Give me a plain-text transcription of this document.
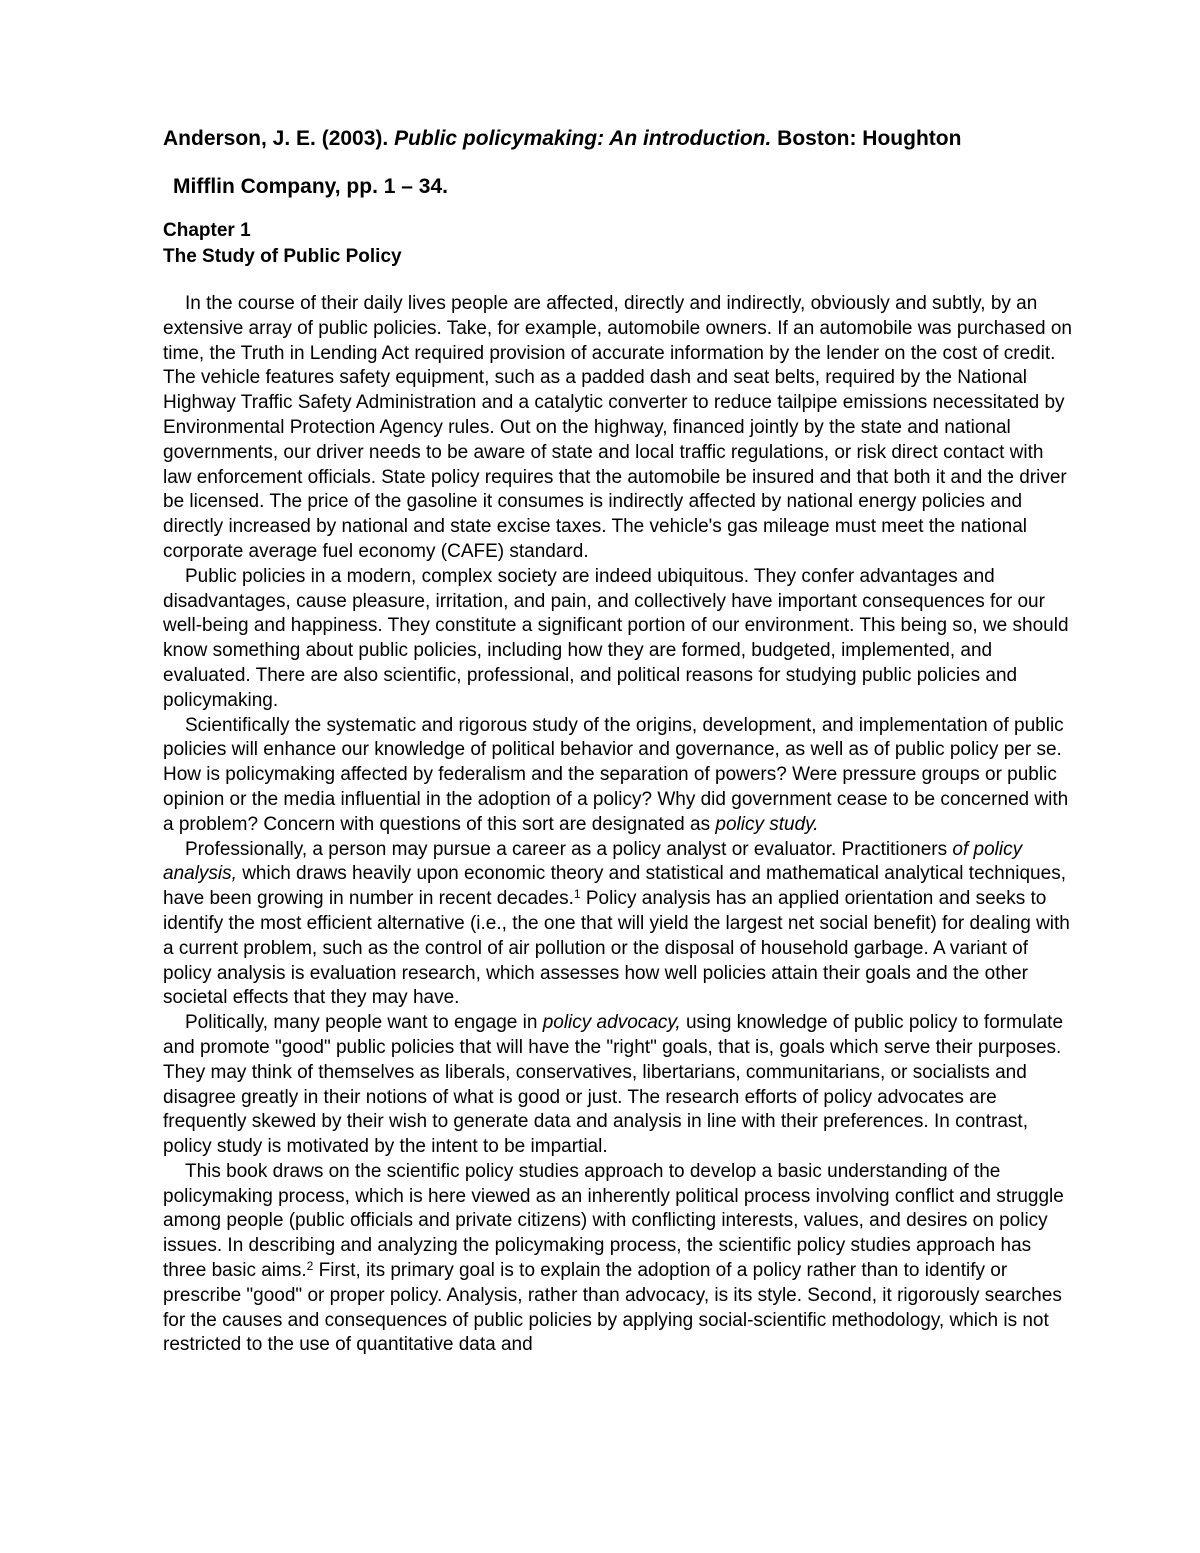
Anderson, J. E. (2003). Public policymaking: An introduction. Boston: Houghton
Mifflin Company, pp. 1 – 34.

Chapter 1
The Study of Public Policy

In the course of their daily lives people are affected, directly and indirectly, obviously and subtly, by an extensive array of public policies. Take, for example, automobile owners. If an automobile was purchased on time, the Truth in Lending Act required provision of accurate information by the lender on the cost of credit. The vehicle features safety equipment, such as a padded dash and seat belts, required by the National Highway Traffic Safety Administration and a catalytic converter to reduce tailpipe emissions necessitated by Environmental Protection Agency rules. Out on the highway, financed jointly by the state and national governments, our driver needs to be aware of state and local traffic regulations, or risk direct contact with law enforcement officials. State policy requires that the automobile be insured and that both it and the driver be licensed. The price of the gasoline it consumes is indirectly affected by national energy policies and directly increased by national and state excise taxes. The vehicle's gas mileage must meet the national corporate average fuel economy (CAFE) standard.

Public policies in a modern, complex society are indeed ubiquitous. They confer advantages and disadvantages, cause pleasure, irritation, and pain, and collectively have important consequences for our well-being and happiness. They constitute a significant portion of our environment. This being so, we should know something about public policies, including how they are formed, budgeted, implemented, and evaluated. There are also scientific, professional, and political reasons for studying public policies and policymaking.

Scientifically the systematic and rigorous study of the origins, development, and implementation of public policies will enhance our knowledge of political behavior and governance, as well as of public policy per se. How is policymaking affected by federalism and the separation of powers? Were pressure groups or public opinion or the media influential in the adoption of a policy? Why did government cease to be concerned with a problem? Concern with questions of this sort are designated as policy study.

Professionally, a person may pursue a career as a policy analyst or evaluator. Practitioners of policy analysis, which draws heavily upon economic theory and statistical and mathematical analytical techniques, have been growing in number in recent decades.$^1$ Policy analysis has an applied orientation and seeks to identify the most efficient alternative (i.e., the one that will yield the largest net social benefit) for dealing with a current problem, such as the control of air pollution or the disposal of household garbage. A variant of policy analysis is evaluation research, which assesses how well policies attain their goals and the other societal effects that they may have.

Politically, many people want to engage in policy advocacy, using knowledge of public policy to formulate and promote "good" public policies that will have the "right" goals, that is, goals which serve their purposes. They may think of themselves as liberals, conservatives, libertarians, communitarians, or socialists and disagree greatly in their notions of what is good or just. The research efforts of policy advocates are frequently skewed by their wish to generate data and analysis in line with their preferences. In contrast, policy study is motivated by the intent to be impartial.

This book draws on the scientific policy studies approach to develop a basic understanding of the policymaking process, which is here viewed as an inherently political process involving conflict and struggle among people (public officials and private citizens) with conflicting interests, values, and desires on policy issues. In describing and analyzing the policymaking process, the scientific policy studies approach has three basic aims.$^2$ First, its primary goal is to explain the adoption of a policy rather than to identify or prescribe "good" or proper policy. Analysis, rather than advocacy, is its style. Second, it rigorously searches for the causes and consequences of public policies by applying social-scientific methodology, which is not restricted to the use of quantitative data and
